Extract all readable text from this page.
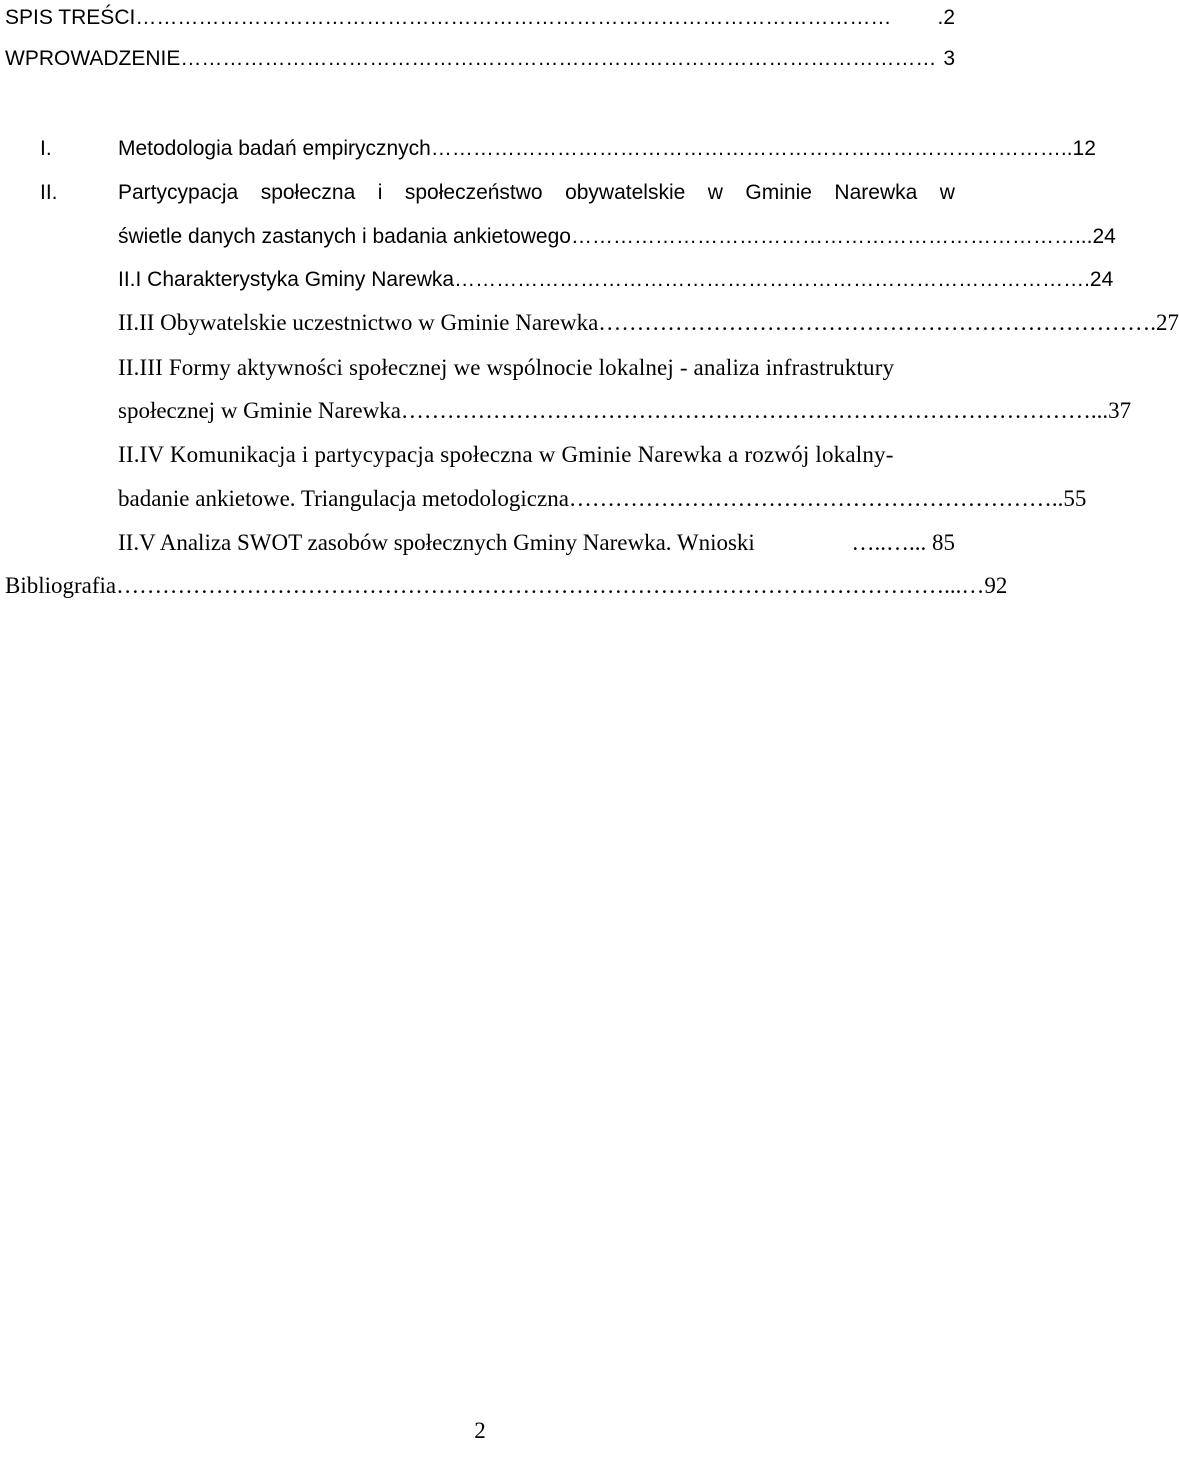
SPIS TREŚCI ………………………………………………………………………………………………	.2
WPROWADZENIE ……………………………………………………………………………………………… 3
I.	Metodologia badań empirycznych ……………………………………………………………………………… ..12
II.	Partycypacja społeczna i społeczeństwo obywatelskie w Gminie Narewka w
świetle danych zastanych i badania ankietowego ……………………………………………………………… ...24
II.I Charakterystyka Gminy Narewka ……………………………………………………………………………… .24
II.II Obywatelskie uczestnictwo w Gminie Narewka ……………………………………………………………… .27
II.III Formy aktywności społecznej we wspólnocie lokalnej - analiza infrastruktury
społecznej w Gminie Narewka ……………………………………………………………………………… ...37
II.IV Komunikacja i partycypacja społeczna w Gminie Narewka a rozwój lokalny-
badanie ankietowe. Triangulacja metodologiczna ……………………………………………………… ..55
II.V Analiza SWOT zasobów społecznych Gminy Narewka. Wnioski	…..… ... 85
Bibliografia ……………………………………………………………………………………………… ...…92
2
